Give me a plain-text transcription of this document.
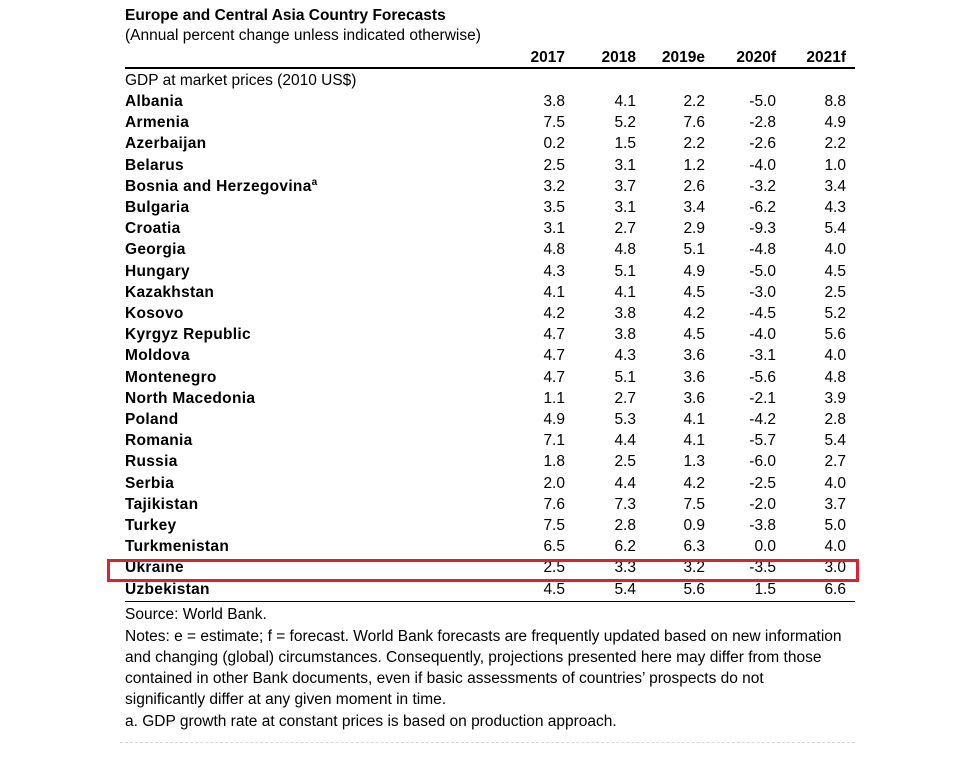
Europe and Central Asia Country Forecasts
(Annual percent change unless indicated otherwise)
2017	2018	2019e	2020f	2021f
GDP at market prices (2010 US$)
Albania	3.8	4.1	2.2	-5.0	8.8
Armenia	7.5	5.2	7.6	-2.8	4.9
Azerbaijan	0.2	1.5	2.2	-2.6	2.2
Belarus	2.5	3.1	1.2	-4.0	1.0
Bosnia and Herzegovina$^a$	3.2	3.7	2.6	-3.2	3.4
Bulgaria	3.5	3.1	3.4	-6.2	4.3
Croatia	3.1	2.7	2.9	-9.3	5.4
Georgia	4.8	4.8	5.1	-4.8	4.0
Hungary	4.3	5.1	4.9	-5.0	4.5
Kazakhstan	4.1	4.1	4.5	-3.0	2.5
Kosovo	4.2	3.8	4.2	-4.5	5.2
Kyrgyz Republic	4.7	3.8	4.5	-4.0	5.6
Moldova	4.7	4.3	3.6	-3.1	4.0
Montenegro	4.7	5.1	3.6	-5.6	4.8
North Macedonia	1.1	2.7	3.6	-2.1	3.9
Poland	4.9	5.3	4.1	-4.2	2.8
Romania	7.1	4.4	4.1	-5.7	5.4
Russia	1.8	2.5	1.3	-6.0	2.7
Serbia	2.0	4.4	4.2	-2.5	4.0
Tajikistan	7.6	7.3	7.5	-2.0	3.7
Turkey	7.5	2.8	0.9	-3.8	5.0
Turkmenistan	6.5	6.2	6.3	0.0	4.0
Ukraine	2.5	3.3	3.2	-3.5	3.0
Uzbekistan	4.5	5.4	5.6	1.5	6.6
Source: World Bank.

Notes: e = estimate; f = forecast. World Bank forecasts are frequently updated based on new information and changing (global) circumstances. Consequently, projections presented here may differ from those contained in other Bank documents, even if basic assessments of countries’ prospects do not significantly differ at any given moment in time.

a. GDP growth rate at constant prices is based on production approach.
